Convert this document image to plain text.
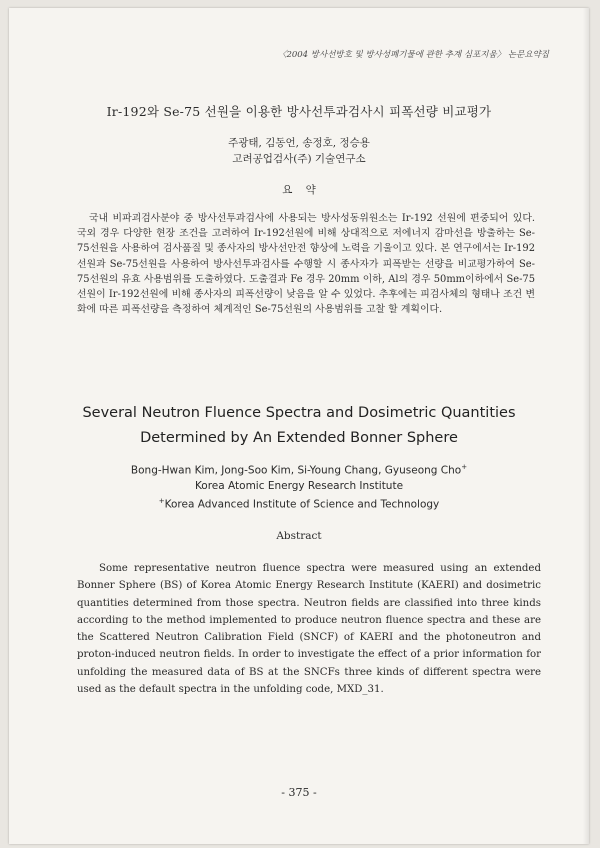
〈2004 방사선방호 및 방사성폐기물에 관한 추계 심포지움〉 논문요약집
Ir-192와 Se-75 선원을 이용한 방사선투과검사시 피폭선량 비교평가
주광태, 김동언, 송정호, 정승용
고려공업검사(주) 기술연구소
요 약

국내 비파괴검사분야 중 방사선투과검사에 사용되는 방사성동위원소는 Ir-192 선원에 편중되어 있다. 국외 경우 다양한 현장 조건을 고려하여 Ir-192선원에 비해 상대적으로 저에너지 감마선을 방출하는 Se-75선원을 사용하여 검사품질 및 종사자의 방사선안전 향상에 노력을 기울이고 있다. 본 연구에서는 Ir-192선원과 Se-75선원을 사용하여 방사선투과검사를 수행할 시 종사자가 피폭받는 선량을 비교평가하여 Se-75선원의 유효 사용범위를 도출하였다. 도출결과 Fe 경우 20mm 이하, Al의 경우 50mm이하에서 Se-75선원이 Ir-192선원에 비해 종사자의 피폭선량이 낮음을 알 수 있었다. 추후에는 피검사체의 형태나 조건 변화에 따른 피폭선량을 측정하여 체계적인 Se-75선원의 사용범위를 고찰 할 계획이다.

Several Neutron Fluence Spectra and Dosimetric Quantities
Determined by An Extended Bonner Sphere
Bong-Hwan Kim, Jong-Soo Kim, Si-Young Chang, Gyuseong Cho+
Korea Atomic Energy Research Institute
+Korea Advanced Institute of Science and Technology
Abstract

Some representative neutron fluence spectra were measured using an extended Bonner Sphere (BS) of Korea Atomic Energy Research Institute (KAERI) and dosimetric quantities determined from those spectra. Neutron fields are classified into three kinds according to the method implemented to produce neutron fluence spectra and these are the Scattered Neutron Calibration Field (SNCF) of KAERI and the photoneutron and proton-induced neutron fields. In order to investigate the effect of a prior information for unfolding the measured data of BS at the SNCFs three kinds of different spectra were used as the default spectra in the unfolding code, MXD_31.

- 375 -
